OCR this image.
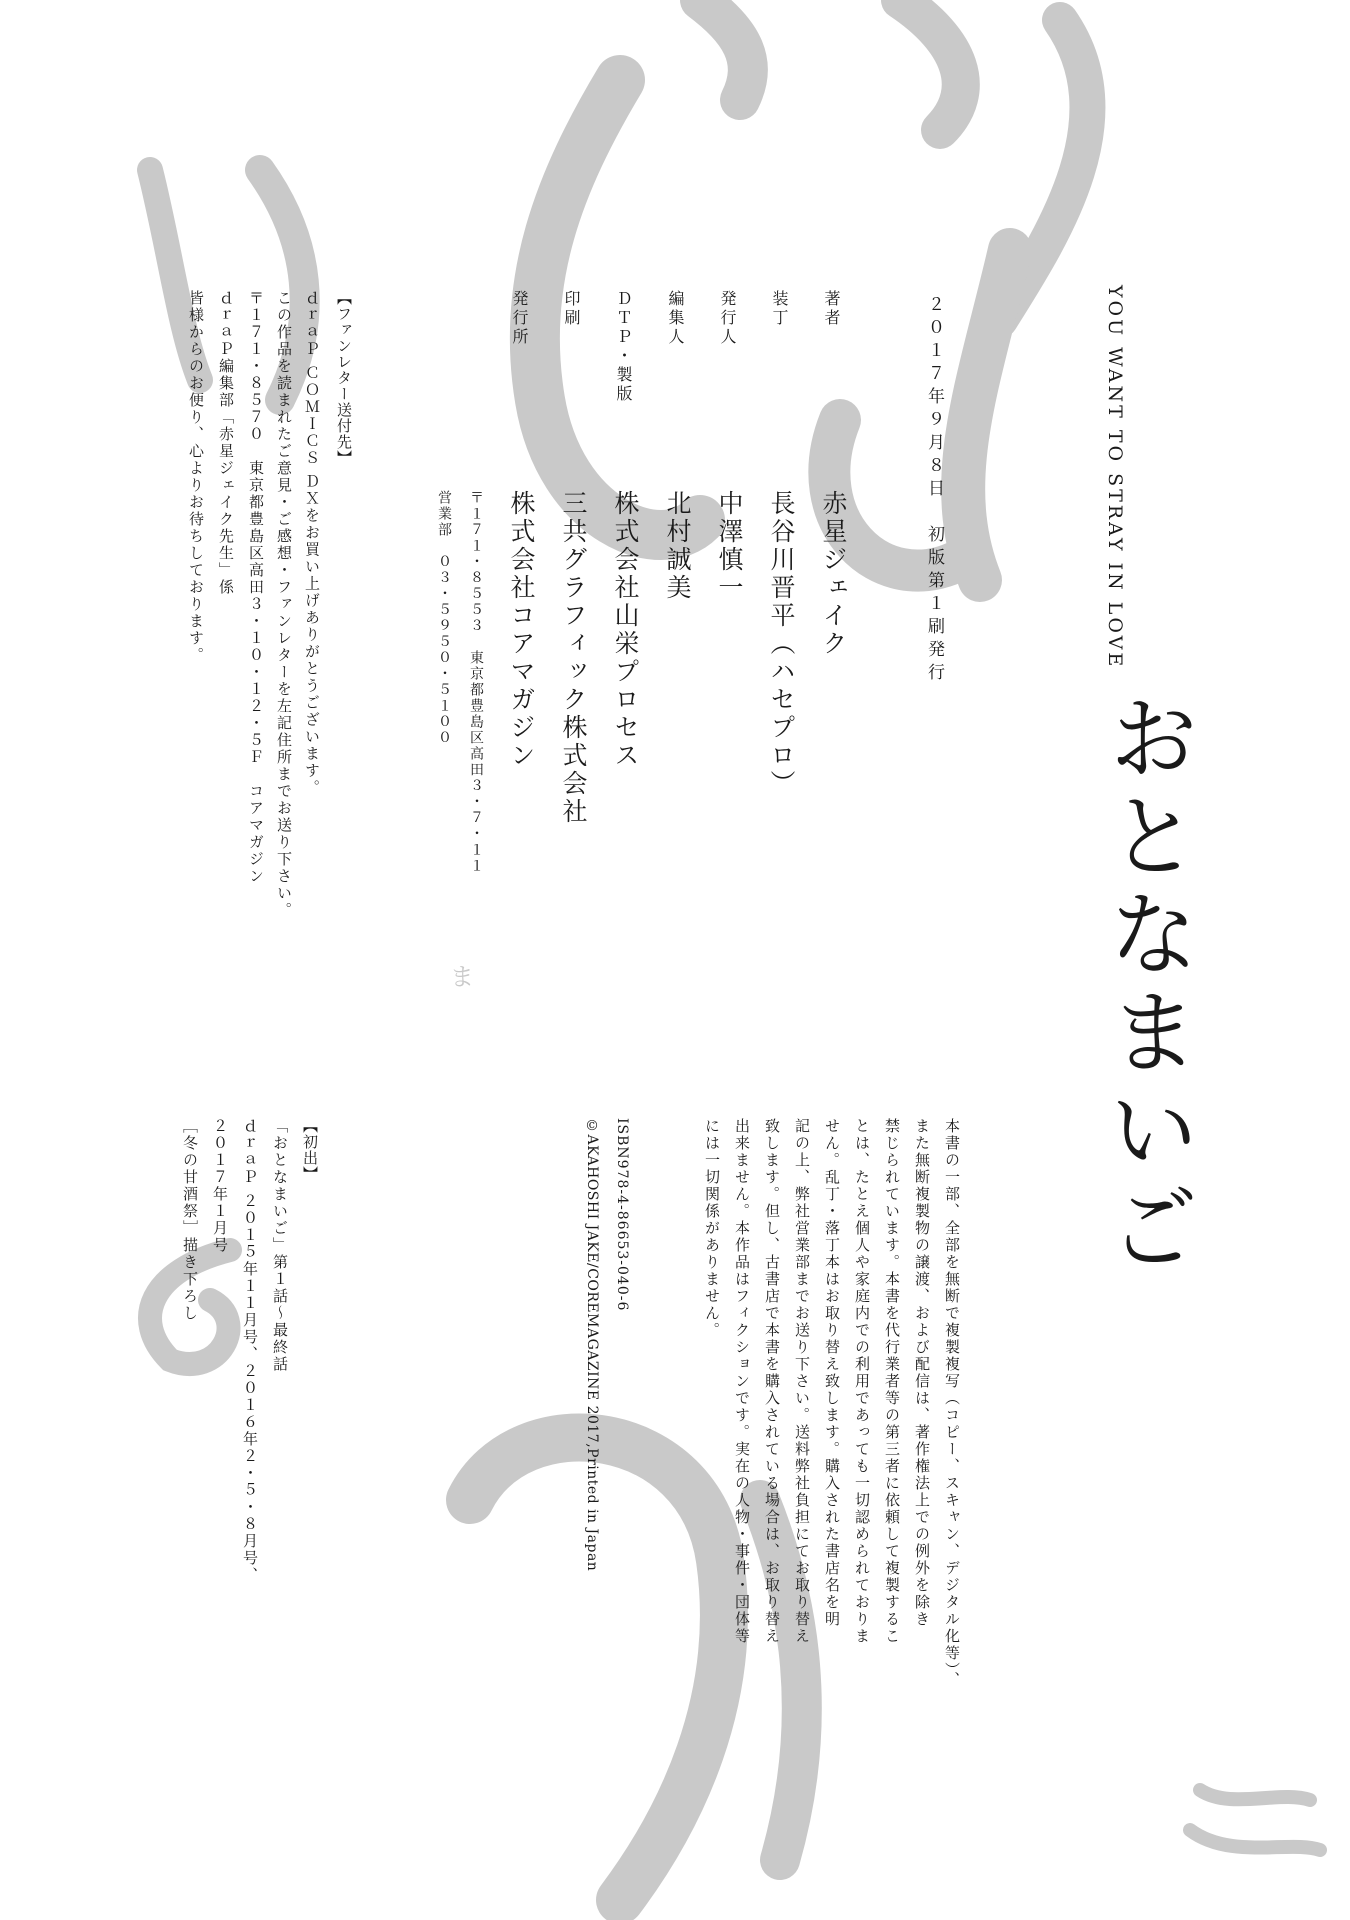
ま	おとなまいご
YOU WANT TO STRAY IN LOVE
２０１７年９月８日　初版第１刷発行
著者
装丁
発行人
編集人
ＤＴＰ・製版
印刷
発行所
赤星ジェイク
長谷川晋平（ハセプロ）
中澤慎一
北村誠美
株式会社山栄プロセス
三共グラフィック株式会社
株式会社コアマガジン
〒１７１・８５５３　東京都豊島区高田３・７・１１
営業部　０３・５９５０・５１００
【ファンレター送付先】
ｄｒａＰ ＣＯＭＩＣＳ ＤＸをお買い上げありがとうございます。
この作品を読まれたご意見・ご感想・ファンレターを左記住所までお送り下さい。
〒１７１・８５７０　東京都豊島区高田３・１０・１２・５Ｆ　コアマガジン
ｄｒａＰ編集部「赤星ジェイク先生」係
皆様からのお便り、心よりお待ちしております。
本書の一部、全部を無断で複製複写（コピー、スキャン、デジタル化等）、
また無断複製物の譲渡、および配信は、著作権法上での例外を除き
禁じられています。本書を代行業者等の第三者に依頼して複製するこ
とは、たとえ個人や家庭内での利用であっても一切認められておりま
せん。乱丁・落丁本はお取り替え致します。購入された書店名を明
記の上、弊社営業部までお送り下さい。送料弊社負担にてお取り替え
致します。但し、古書店で本書を購入されている場合は、お取り替え
出来ません。本作品はフィクションです。実在の人物・事件・団体等
には一切関係がありません。
ISBN978-4-86653-040-6
©AKAHOSHI JAKE/COREMAGAZINE 2017,Printed in Japan
【初出】
「おとなまいご」第１話～最終話
ｄｒａＰ ２０１５年１１月号、２０１６年２・５・８月号、
２０１７年１月号
［冬の甘酒祭］描き下ろし
